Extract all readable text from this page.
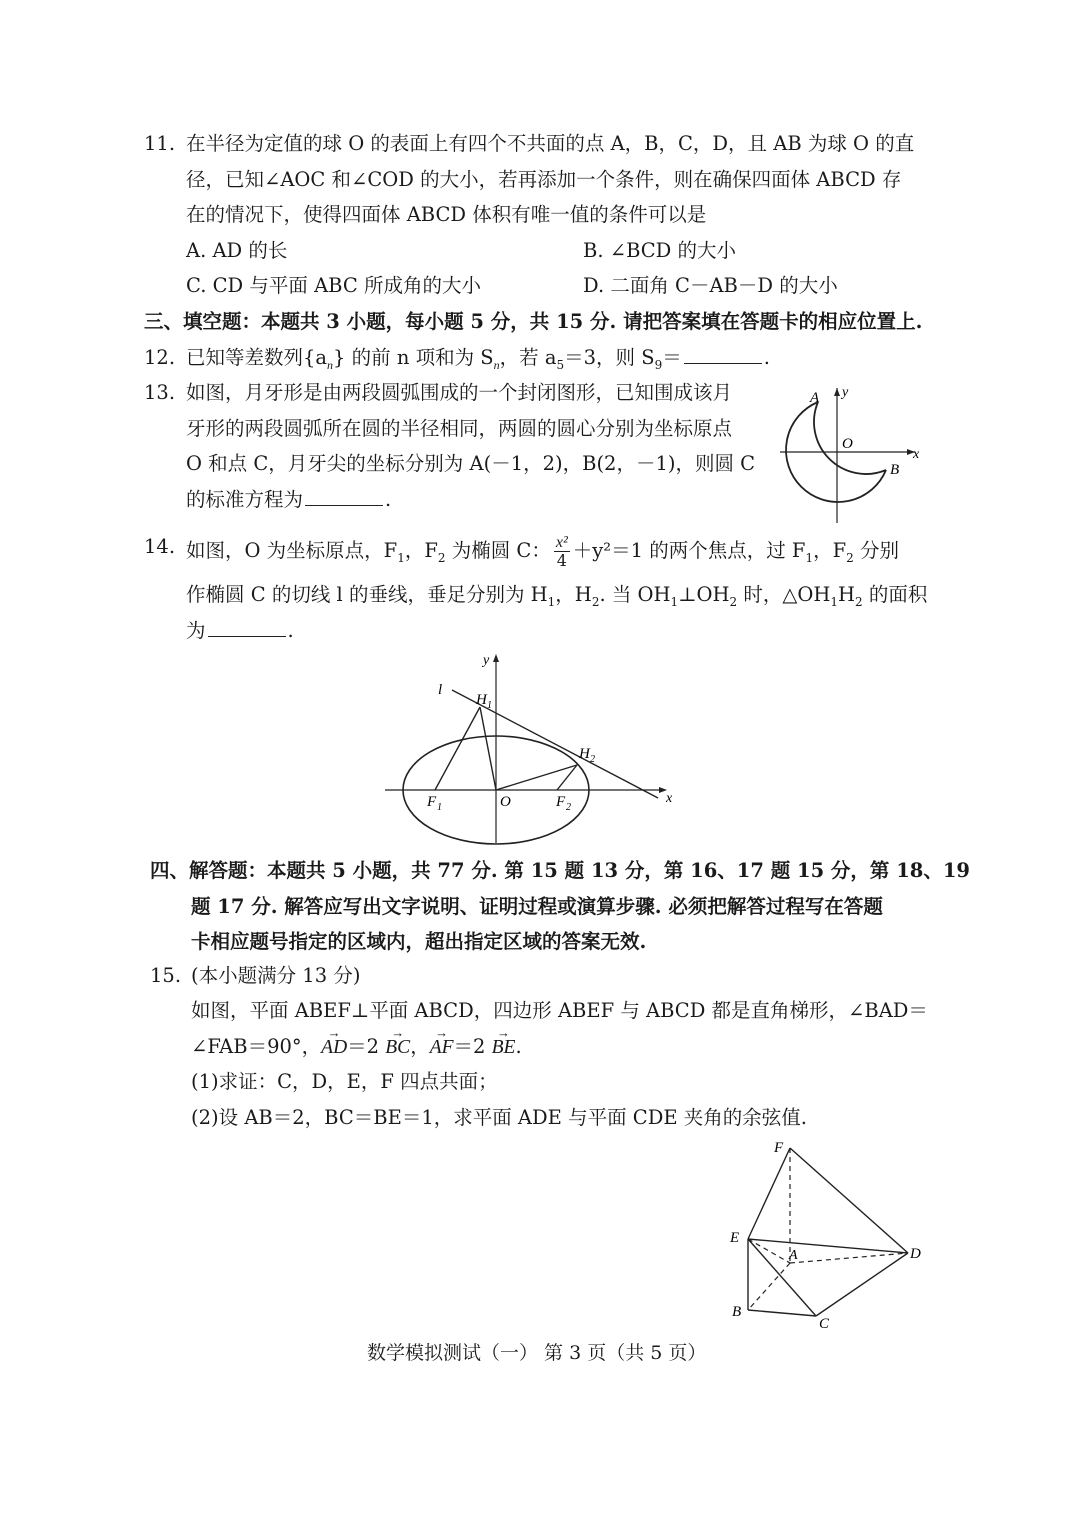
11. 在半径为定值的球 O 的表面上有四个不共面的点 A，B，C，D，且 AB 为球 O 的直
径，已知∠AOC 和∠COD 的大小，若再添加一个条件，则在确保四面体 ABCD 存
在的情况下，使得四面体 ABCD 体积有唯一值的条件可以是
A. AD 的长	B. ∠BCD 的大小
C. CD 与平面 ABC 所成角的大小	D. 二面角 C－AB－D 的大小
三、填空题：本题共 3 小题，每小题 5 分，共 15 分. 请把答案填在答题卡的相应位置上.
12. 已知等差数列$\{a_n\}$ 的前 n 项和为 $S_n$，若 $a_5=3$，则 $S_9=$	.
13. 如图，月牙形是由两段圆弧围成的一个封闭图形，已知围成该月
牙形的两段圆弧所在圆的半径相同，两圆的圆心分别为坐标原点
O 和点 C，月牙尖的坐标分别为 A(－1，2)，B(2，－1)，则圆 C
的标准方程为	.
A y
O
x
B
14. 如图，O 为坐标原点，$F_1$，$F_2$ 为椭圆 C： $\frac{\text{x²}}{4} +y^2=1$ 的两个焦点，过 $F_1$，$F_2$ 分别
作椭圆 C 的切线 l 的垂线，垂足分别为 $H_1$，$H_2$. 当 $OH_1\perp OH_2$ 时，$\triangle OH_1H_2$ 的面积
为	.
y
l
H 1
H 2
F 1	O	F 2
x
四、解答题：本题共 5 小题，共 77 分. 第 15 题 13 分，第 16、17 题 15 分，第 18、19
题 17 分. 解答应写出文字说明、证明过程或演算步骤. 必须把解答过程写在答题
卡相应题号指定的区域内，超出指定区域的答案无效.
15. (本小题满分 13 分)
如图，平面 ABEF⊥平面 ABCD，四边形 ABEF 与 ABCD 都是直角梯形，∠BAD＝
∠FAB＝90°，→ AD＝2 → BC，→ AF＝2 → BE.
(1)求证：C，D，E，F 四点共面；
(2)设 AB＝2，BC＝BE＝1，求平面 ADE 与平面 CDE 夹角的余弦值.
F
E
A	D
B
C
数学模拟测试（一） 第 3 页（共 5 页）
